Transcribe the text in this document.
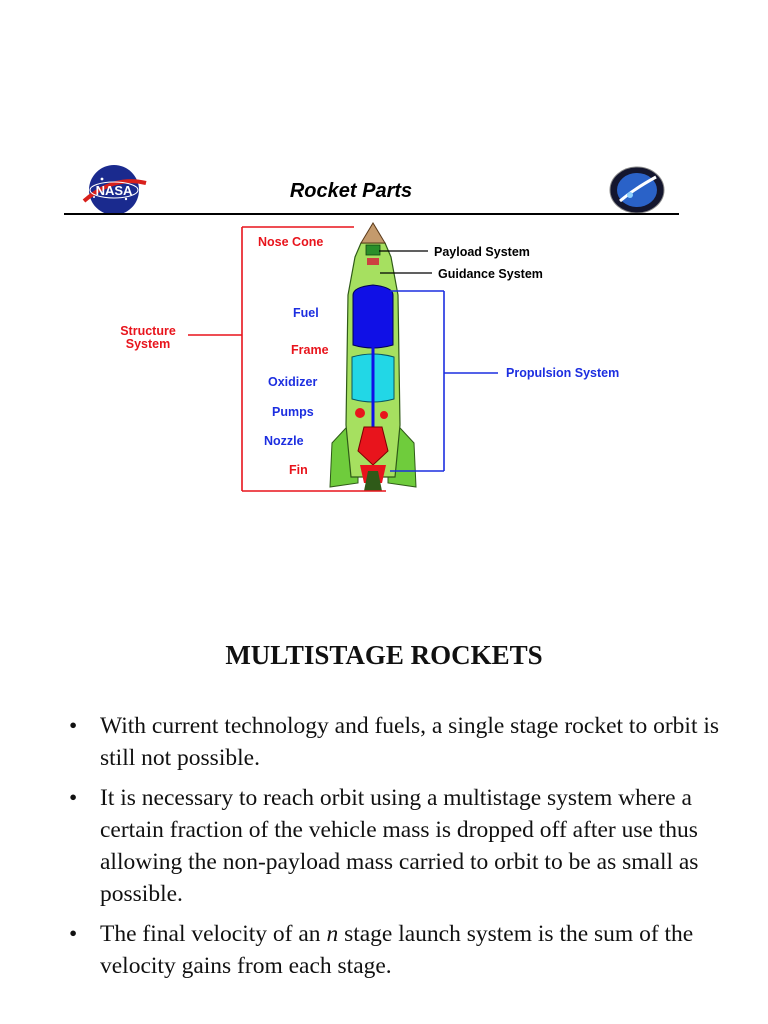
NASA	Rocket Parts
Structure
System
Nose Cone
Fuel
Frame
Oxidizer
Pumps
Nozzle
Fin
Payload System
Guidance System
Propulsion System
MULTISTAGE ROCKETS
• With current technology and fuels, a single stage rocket to orbit is still not possible.
• It is necessary to reach orbit using a multistage system where a certain fraction of the vehicle mass is dropped off after use thus allowing the non-payload mass carried to orbit to be as small as possible.
• The final velocity of an n stage launch system is the sum of the velocity gains from each stage.
